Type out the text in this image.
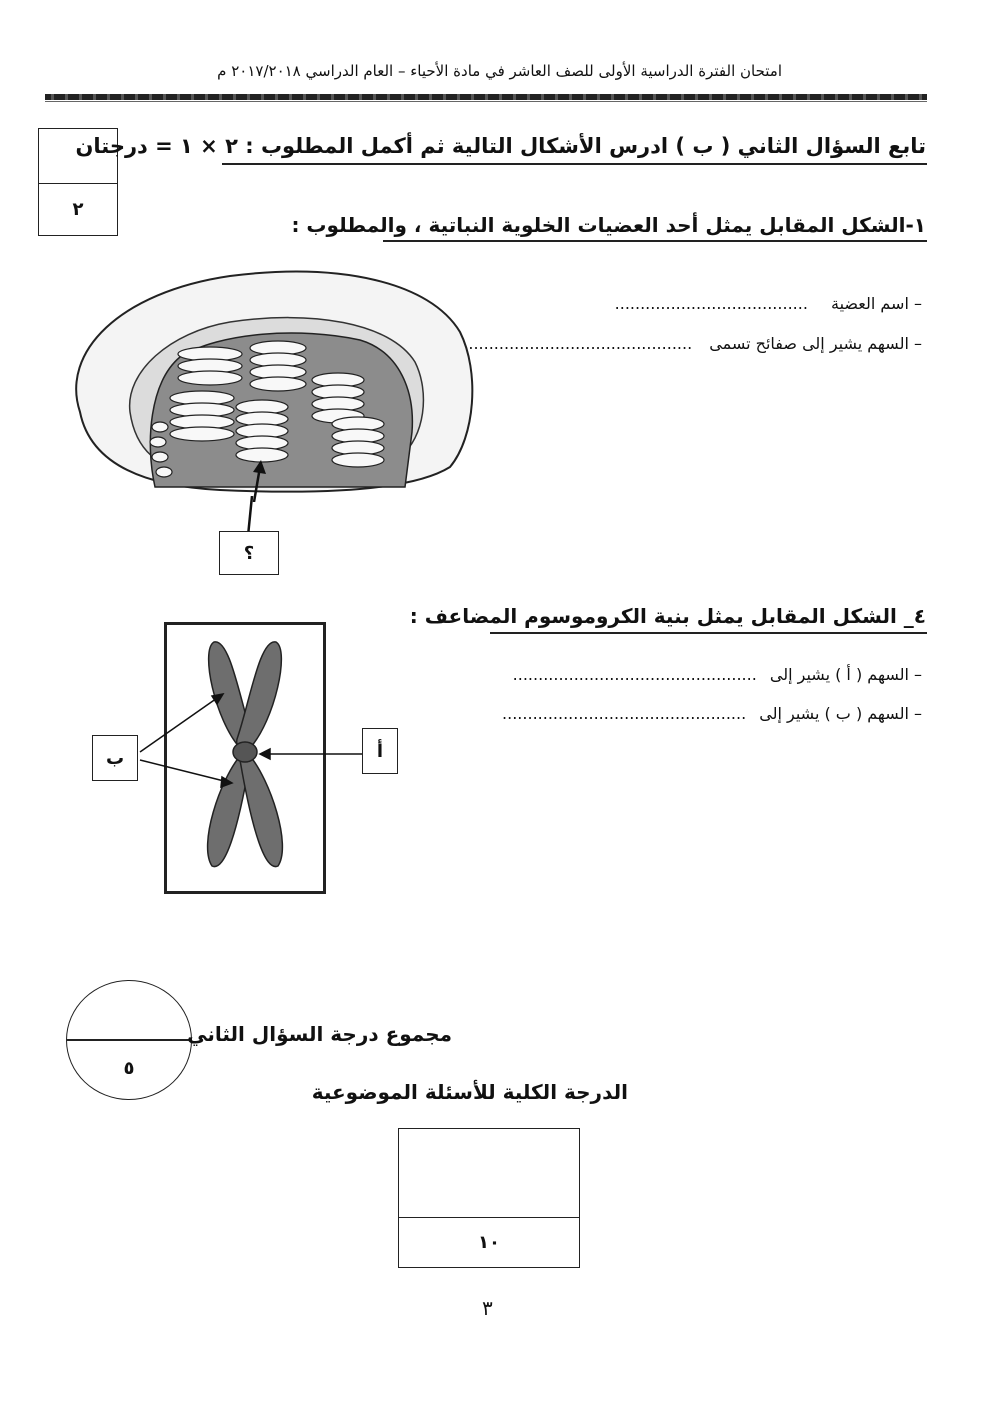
امتحان الفترة الدراسية الأولى للصف العاشر في مادة الأحياء – العام الدراسي ٢٠١٧/٢٠١٨ م
٢
تابع السؤال الثاني ( ب ) ادرس الأشكال التالية ثم أكمل المطلوب : ٢ × ١ = درجتان
١-الشكل المقابل يمثل أحد العضيات الخلوية النباتية ، والمطلوب :
– اسم العضية ......................................
– السهم يشير إلى صفائح تسمى ............................................
؟
٤_ الشكل المقابل يمثل بنية الكروموسوم المضاعف :
– السهم ( أ ) يشير إلى ................................................
– السهم ( ب ) يشير إلى ................................................
ب	أ
٥
مجموع درجة السؤال الثاني
الدرجة الكلية للأسئلة الموضوعية
١٠
٣
